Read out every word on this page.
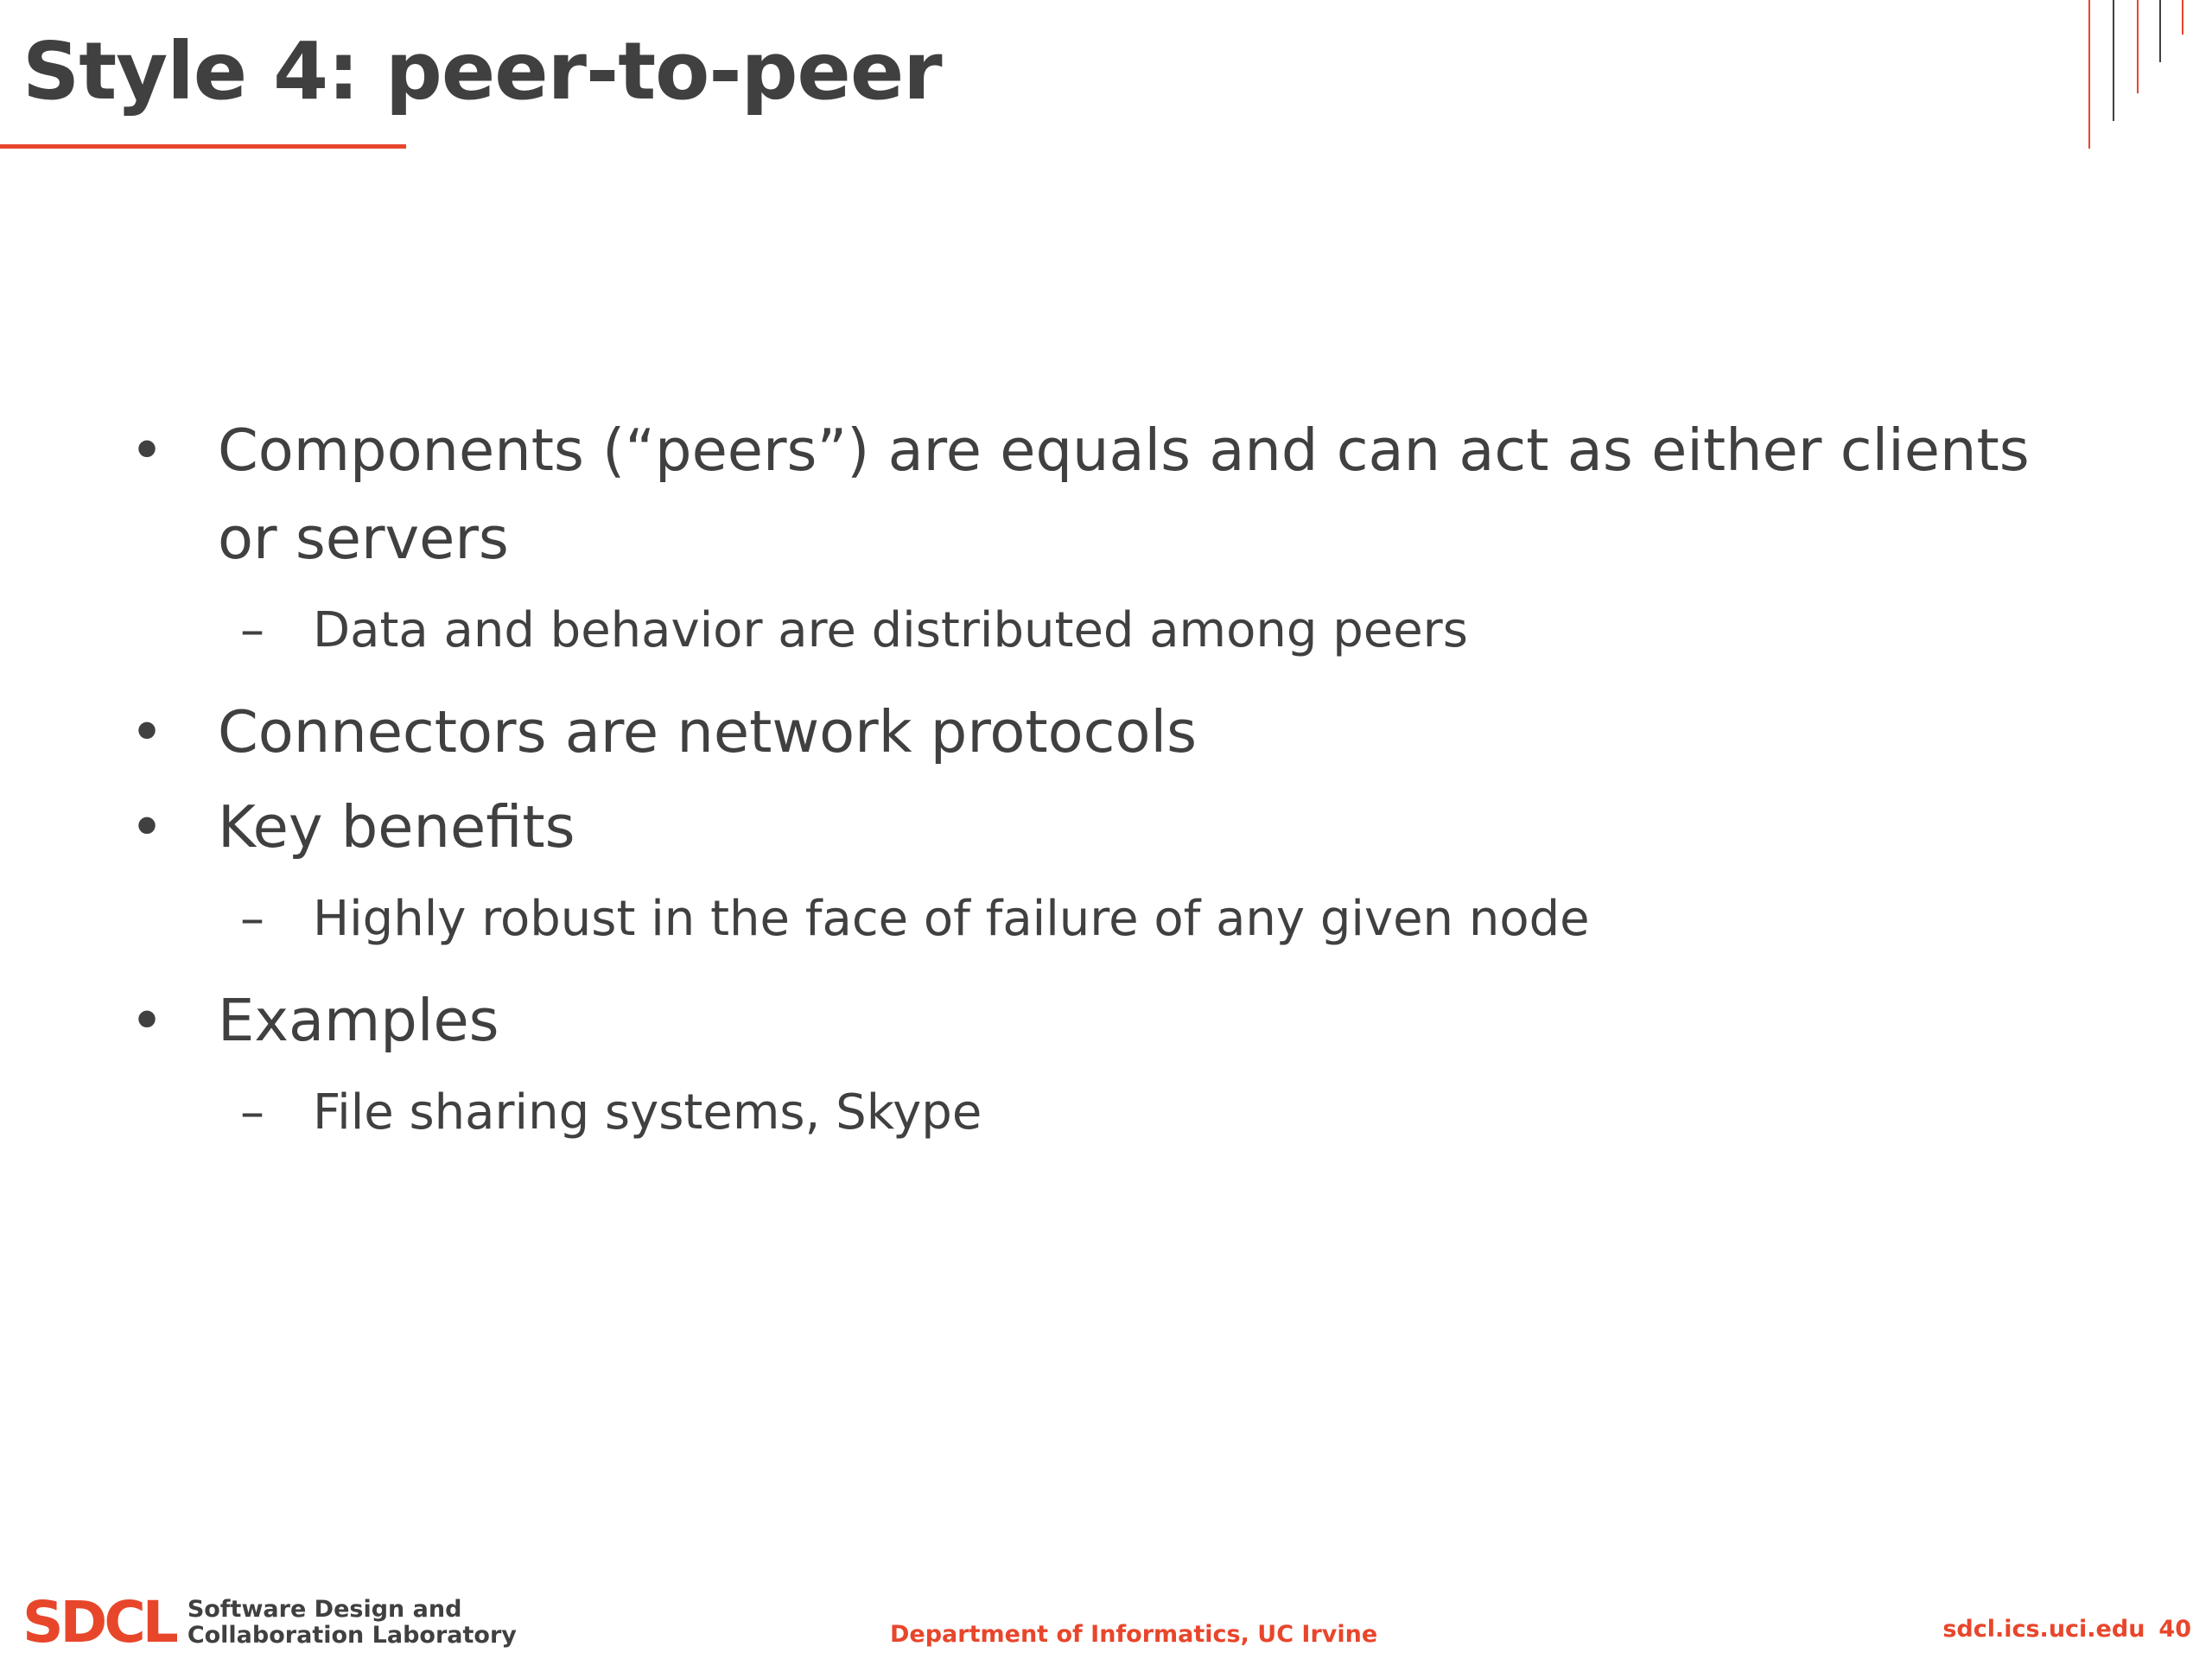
Style 4: peer-to-peer
• Components (“peers”) are equals and can act as either clients
or servers
– Data and behavior are distributed among peers
• Connectors are network protocols
• Key benefits
– Highly robust in the face of failure of any given node
• Examples
– File sharing systems, Skype
SDCL Software Design and
Collaboration Laboratory	Department of Informatics, UC Irvine	sdcl.ics.uci.edu 40
